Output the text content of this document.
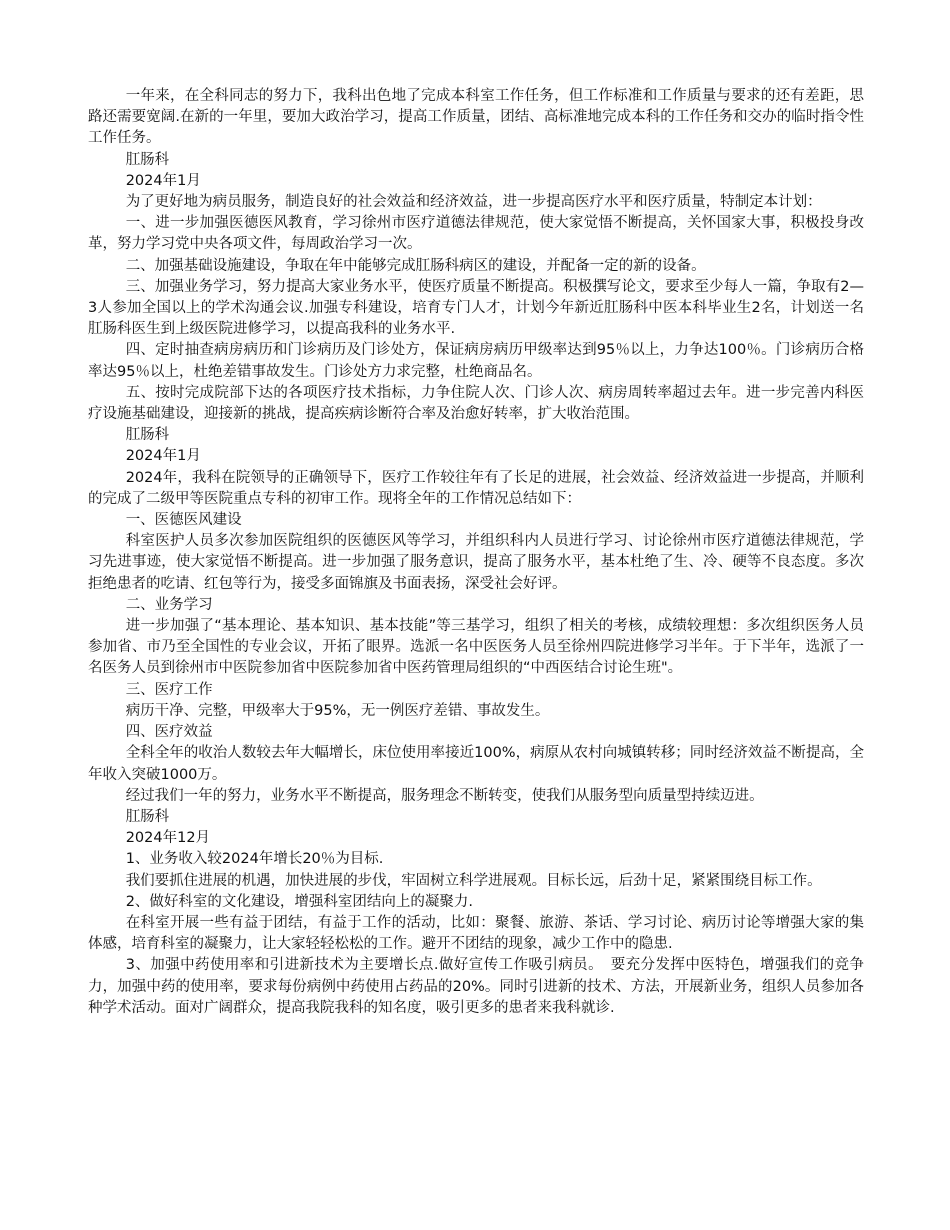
一年来，在全科同志的努力下，我科出色地了完成本科室工作任务，但工作标准和工作质量与要求的还有差距，思路还需要宽阔.在新的一年里，要加大政治学习，提高工作质量，团结、高标准地完成本科的工作任务和交办的临时指令性工作任务。

肛肠科

2024年1月

为了更好地为病员服务，制造良好的社会效益和经济效益，进一步提高医疗水平和医疗质量，特制定本计划：

一、进一步加强医德医风教育，学习徐州市医疗道德法律规范，使大家觉悟不断提高，关怀国家大事，积极投身改革，努力学习党中央各项文件，每周政治学习一次。

二、加强基础设施建设，争取在年中能够完成肛肠科病区的建设，并配备一定的新的设备。

三、加强业务学习，努力提高大家业务水平，使医疗质量不断提高。积极撰写论文，要求至少每人一篇，争取有2—3人参加全国以上的学术沟通会议.加强专科建设，培育专门人才，计划今年新近肛肠科中医本科毕业生2名，计划送一名肛肠科医生到上级医院进修学习，以提高我科的业务水平.

四、定时抽查病房病历和门诊病历及门诊处方，保证病房病历甲级率达到95％以上，力争达100％。门诊病历合格率达95％以上，杜绝差错事故发生。门诊处方力求完整，杜绝商品名。

五、按时完成院部下达的各项医疗技术指标，力争住院人次、门诊人次、病房周转率超过去年。进一步完善内科医疗设施基础建设，迎接新的挑战，提高疾病诊断符合率及治愈好转率，扩大收治范围。

肛肠科

2024年1月

2024年，我科在院领导的正确领导下，医疗工作较往年有了长足的进展，社会效益、经济效益进一步提高，并顺利的完成了二级甲等医院重点专科的初审工作。现将全年的工作情况总结如下：

一、医德医风建设

科室医护人员多次参加医院组织的医德医风等学习，并组织科内人员进行学习、讨论徐州市医疗道德法律规范，学习先进事迹，使大家觉悟不断提高。进一步加强了服务意识，提高了服务水平，基本杜绝了生、冷、硬等不良态度。多次拒绝患者的吃请、红包等行为，接受多面锦旗及书面表扬，深受社会好评。

二、业务学习

进一步加强了“基本理论、基本知识、基本技能”等三基学习，组织了相关的考核，成绩较理想：多次组织医务人员参加省、市乃至全国性的专业会议，开拓了眼界。选派一名中医医务人员至徐州四院进修学习半年。于下半年，选派了一名医务人员到徐州市中医院参加省中医院参加省中医药管理局组织的“中西医结合讨论生班"。

三、医疗工作

病历干净、完整，甲级率大于95%，无一例医疗差错、事故发生。

四、医疗效益

全科全年的收治人数较去年大幅增长，床位使用率接近100%，病原从农村向城镇转移；同时经济效益不断提高，全年收入突破1000万。

经过我们一年的努力，业务水平不断提高，服务理念不断转变，使我们从服务型向质量型持续迈进。

肛肠科

2024年12月

1、业务收入较2024年增长20％为目标.

我们要抓住进展的机遇，加快进展的步伐，牢固树立科学进展观。目标长远，后劲十足，紧紧围绕目标工作。

2、做好科室的文化建设，增强科室团结向上的凝聚力.

在科室开展一些有益于团结，有益于工作的活动，比如：聚餐、旅游、茶话、学习讨论、病历讨论等增强大家的集体感，培育科室的凝聚力，让大家轻轻松松的工作。避开不团结的现象，减少工作中的隐患.

3、加强中药使用率和引进新技术为主要增长点.做好宣传工作吸引病员。　要充分发挥中医特色，增强我们的竞争力，加强中药的使用率，要求每份病例中药使用占药品的20%。同时引进新的技术、方法，开展新业务，组织人员参加各种学术活动。面对广阔群众，提高我院我科的知名度，吸引更多的患者来我科就诊.
